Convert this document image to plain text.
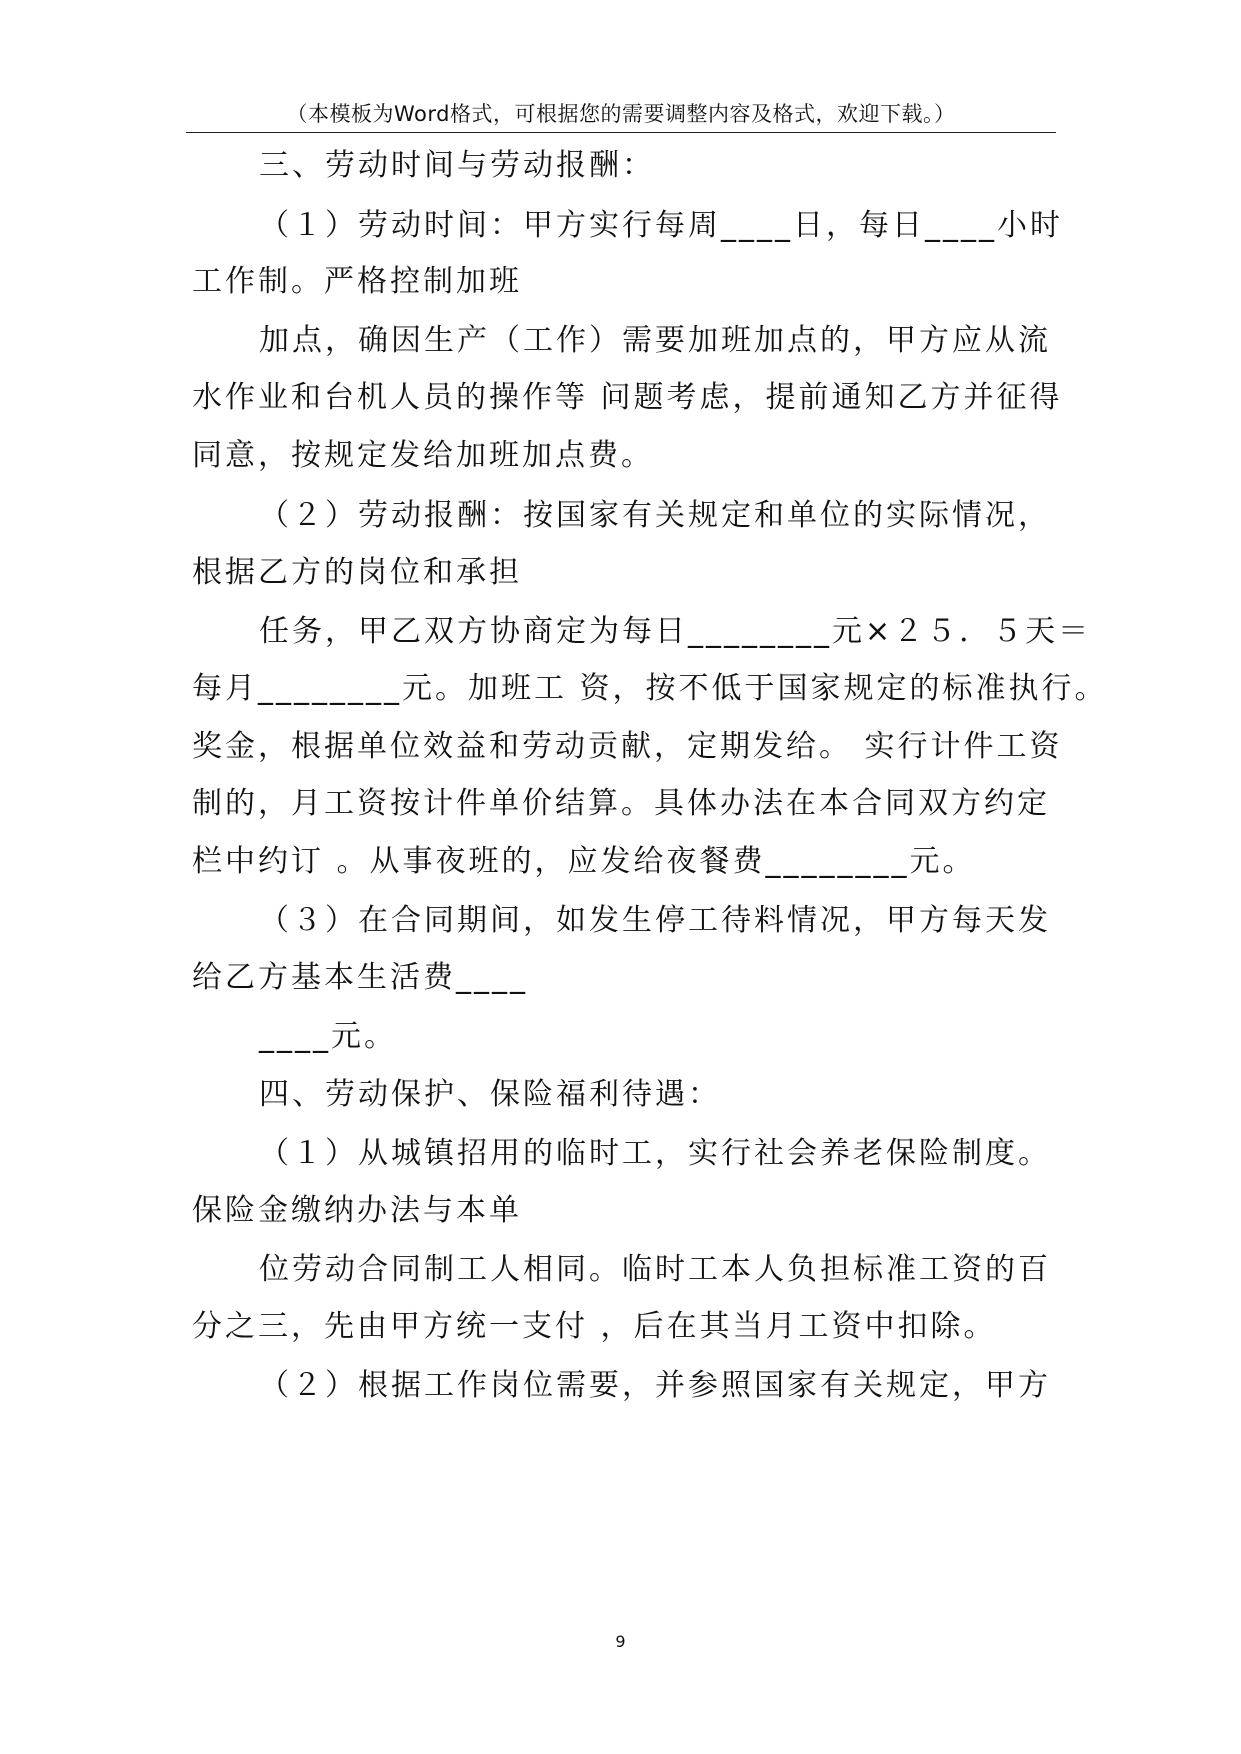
（本模板为Word格式，可根据您的需要调整内容及格式，欢迎下载。）
三、劳动时间与劳动报酬：
（１）劳动时间：甲方实行每周____日，每日____小时
工作制。严格控制加班
加点，确因生产（工作）需要加班加点的，甲方应从流
水作业和台机人员的操作等 问题考虑，提前通知乙方并征得
同意，按规定发给加班加点费。
（２）劳动报酬：按国家有关规定和单位的实际情况，
根据乙方的岗位和承担
任务，甲乙双方协商定为每日________元×２５．５天＝
每月________元。加班工 资，按不低于国家规定的标准执行。
奖金，根据单位效益和劳动贡献，定期发给。 实行计件工资
制的，月工资按计件单价结算。具体办法在本合同双方约定
栏中约订 。从事夜班的，应发给夜餐费________元。
（３）在合同期间，如发生停工待料情况，甲方每天发
给乙方基本生活费____
____元。
四、劳动保护、保险福利待遇：
（１）从城镇招用的临时工，实行社会养老保险制度。
保险金缴纳办法与本单
位劳动合同制工人相同。临时工本人负担标准工资的百
分之三，先由甲方统一支付 ，后在其当月工资中扣除。
（２）根据工作岗位需要，并参照国家有关规定，甲方
9
